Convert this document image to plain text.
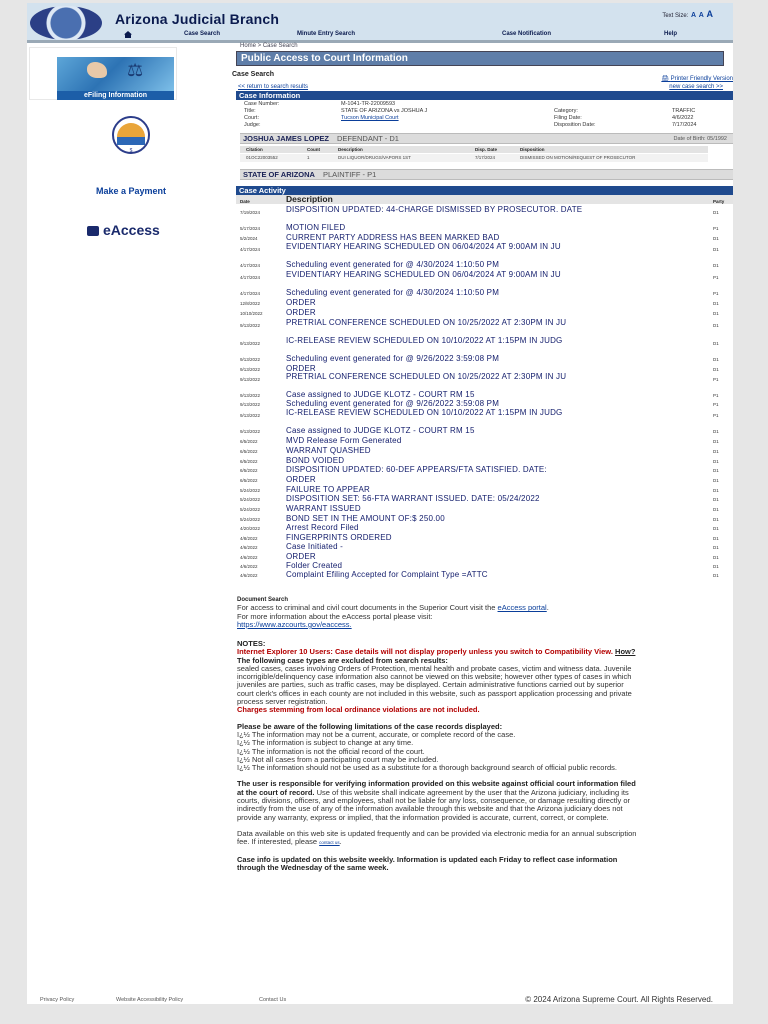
Arizona Judicial Branch	Text Size: A A A
Case Search	Minute Entry Search	Case Notification	Help
⚖
eFiling Information
$
Make a Payment
eAccess
Home > Case Search
Public Access to Court Information
Case Search
🖨 Printer Friendly Version
<< return to search results	new case search >>
Case Information
Case Number:	M-1041-TR-22009593
Title:	STATE OF ARIZONA vs JOSHUA J
Court:	Tucson Municipal Court
Judge:
Category:	TRAFFIC
Filing Date:	4/6/2022
Disposition Date:	7/17/2024
JOSHUA JAMES LOPEZ DEFENDANT - D1	Date of Birth: 05/1992
Citation	Count	Description	Disp. Date	Disposition
01OC22003552	1	DUI LIQUOR/DRUGS/VAPORS 1ST	7/17/2024	DISMISSED ON MOTION/REQUEST OF PROSECUTOR
STATE OF ARIZONA PLAINTIFF - P1
Case Activity
Date	Description	Party
7/19/2024	DISPOSITION UPDATED: 44-CHARGE DISMISSED BY PROSECUTOR. DATE	D1
5/17/2024	MOTION FILED	P1
5/2/2024	CURRENT PARTY ADDRESS HAS BEEN MARKED BAD	D1
4/17/2024	EVIDENTIARY HEARING SCHEDULED ON 06/04/2024 AT 9:00AM IN JU	D1
4/17/2024	Scheduling event generated for @ 4/30/2024 1:10:50 PM	D1
4/17/2024	EVIDENTIARY HEARING SCHEDULED ON 06/04/2024 AT 9:00AM IN JU	P1
4/17/2024	Scheduling event generated for @ 4/30/2024 1:10:50 PM	P1
12/8/2022	ORDER	D1
10/10/2022	ORDER	D1
9/13/2022	PRETRIAL CONFERENCE SCHEDULED ON 10/25/2022 AT 2:30PM IN JU	D1
9/13/2022	IC-RELEASE REVIEW SCHEDULED ON 10/10/2022 AT 1:15PM IN JUDG	D1
9/13/2022	Scheduling event generated for @ 9/26/2022 3:59:08 PM	D1
9/13/2022	ORDER	D1
9/13/2022	PRETRIAL CONFERENCE SCHEDULED ON 10/25/2022 AT 2:30PM IN JU	P1
9/13/2022	Case assigned to JUDGE KLOTZ - COURT RM 15	P1
9/13/2022	Scheduling event generated for @ 9/26/2022 3:59:08 PM	P1
9/13/2022	IC-RELEASE REVIEW SCHEDULED ON 10/10/2022 AT 1:15PM IN JUDG	P1
9/13/2022	Case assigned to JUDGE KLOTZ - COURT RM 15	D1
6/5/2022	MVD Release Form Generated	D1
6/5/2022	WARRANT QUASHED	D1
6/5/2022	BOND VOIDED	D1
6/5/2022	DISPOSITION UPDATED: 60-DEF APPEARS/FTA SATISFIED. DATE:	D1
6/5/2022	ORDER	D1
5/24/2022	FAILURE TO APPEAR	D1
5/24/2022	DISPOSITION SET: 56-FTA WARRANT ISSUED. DATE: 05/24/2022	D1
5/24/2022	WARRANT ISSUED	D1
5/24/2022	BOND SET IN THE AMOUNT OF:$ 250.00	D1
4/20/2022	Arrest Record Filed	D1
4/8/2022	FINGERPRINTS ORDERED	D1
4/6/2022	Case Initiated -	D1
4/6/2022	ORDER	D1
4/6/2022	Folder Created	D1
4/6/2022	Complaint Efiling Accepted for Complaint Type =ATTC	D1
Document Search
For access to criminal and civil court documents in the Superior Court visit the eAccess portal.
For more information about the eAccess portal please visit:
https://www.azcourts.gov/eaccess.
NOTES:
Internet Explorer 10 Users: Case details will not display properly unless you switch to Compatibility View. How?
The following case types are excluded from search results:
sealed cases, cases involving Orders of Protection, mental health and probate cases, victim and witness data. Juvenile incorrigible/delinquency case information also cannot be viewed on this website; however other types of cases in which juveniles are parties, such as traffic cases, may be displayed. Certain administrative functions carried out by superior court clerk's offices in each county are not included in this website, such as passport application processing and private process server registration.
Charges stemming from local ordinance violations are not included.
Please be aware of the following limitations of the case records displayed:
ï¿½ The information may not be a current, accurate, or complete record of the case.
ï¿½ The information is subject to change at any time.
ï¿½ The information is not the official record of the court.
ï¿½ Not all cases from a participating court may be included.
ï¿½ The information should not be used as a substitute for a thorough background search of official public records.
The user is responsible for verifying information provided on this website against official court information filed at the court of record. Use of this website shall indicate agreement by the user that the Arizona judiciary, including its courts, divisions, officers, and employees, shall not be liable for any loss, consequence, or damage resulting directly or indirectly from the use of any of the information available through this website and that the Arizona judiciary does not provide any warranty, express or implied, that the information provided is accurate, current, correct, or complete.
Data available on this web site is updated frequently and can be provided via electronic media for an annual subscription fee. If interested, please contact us.
Case info is updated on this website weekly. Information is updated each Friday to reflect case information through the Wednesday of the same week.
Privacy Policy	Website Accessibility Policy	Contact Us	© 2024 Arizona Supreme Court. All Rights Reserved.
